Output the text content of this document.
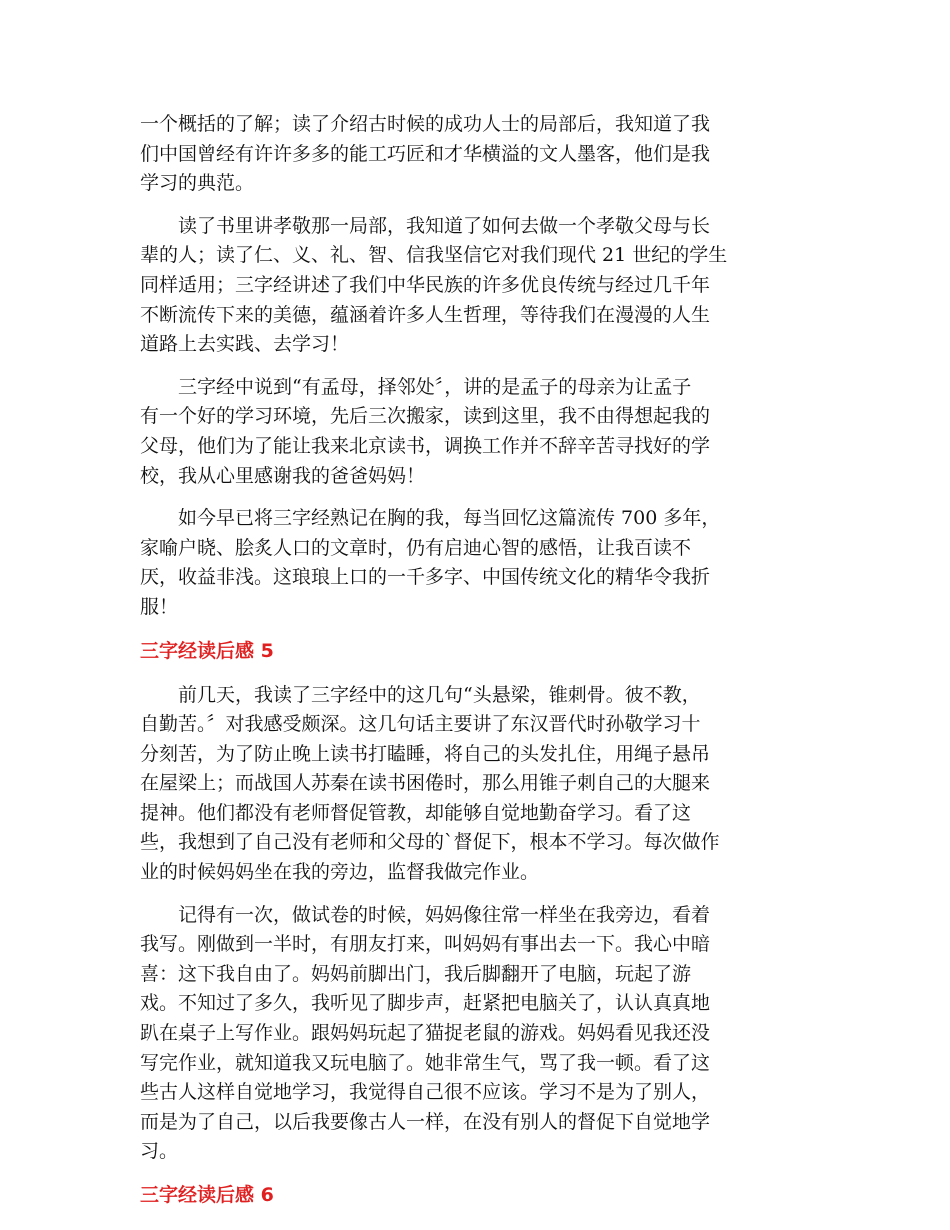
一个概括的了解；读了介绍古时候的成功人士的局部后，我知道了我
们中国曾经有许许多多的能工巧匠和才华横溢的文人墨客，他们是我
学习的典范。
　　读了书里讲孝敬那一局部，我知道了如何去做一个孝敬父母与长
辈的人；读了仁、义、礼、智、信我坚信它对我们现代 21 世纪的学生
同样适用；三字经讲述了我们中华民族的许多优良传统与经过几千年
不断流传下来的美德，蕴涵着许多人生哲理，等待我们在漫漫的人生
道路上去实践、去学习！
　　三字经中说到“有孟母，择邻处〞，讲的是孟子的母亲为让孟子
有一个好的学习环境，先后三次搬家，读到这里，我不由得想起我的
父母，他们为了能让我来北京读书，调换工作并不辞辛苦寻找好的学
校，我从心里感谢我的爸爸妈妈！
　　如今早已将三字经熟记在胸的我，每当回忆这篇流传 700 多年，
家喻户晓、脍炙人口的文章时，仍有启迪心智的感悟，让我百读不
厌，收益非浅。这琅琅上口的一千多字、中国传统文化的精华令我折
服！
三字经读后感 5
　　前几天，我读了三字经中的这几句“头悬梁，锥刺骨。彼不教，
自勤苦。〞对我感受颇深。这几句话主要讲了东汉晋代时孙敬学习十
分刻苦，为了防止晚上读书打瞌睡，将自己的头发扎住，用绳子悬吊
在屋梁上；而战国人苏秦在读书困倦时，那么用锥子刺自己的大腿来
提神。他们都没有老师督促管教，却能够自觉地勤奋学习。看了这
些，我想到了自己没有老师和父母的`督促下，根本不学习。每次做作
业的时候妈妈坐在我的旁边，监督我做完作业。
　　记得有一次，做试卷的时候，妈妈像往常一样坐在我旁边，看着
我写。刚做到一半时，有朋友打来，叫妈妈有事出去一下。我心中暗
喜：这下我自由了。妈妈前脚出门，我后脚翻开了电脑，玩起了游
戏。不知过了多久，我听见了脚步声，赶紧把电脑关了，认认真真地
趴在桌子上写作业。跟妈妈玩起了猫捉老鼠的游戏。妈妈看见我还没
写完作业，就知道我又玩电脑了。她非常生气，骂了我一顿。看了这
些古人这样自觉地学习，我觉得自己很不应该。学习不是为了别人，
而是为了自己，以后我要像古人一样，在没有别人的督促下自觉地学
习。
三字经读后感 6
